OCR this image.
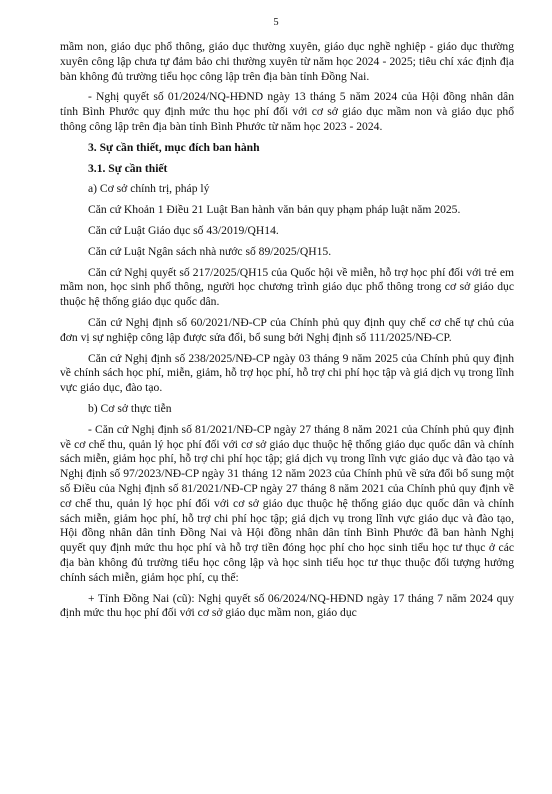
5

mầm non, giáo dục phổ thông, giáo dục thường xuyên, giáo dục nghề nghiệp - giáo dục thường xuyên công lập chưa tự đảm bảo chi thường xuyên từ năm học 2024 - 2025; tiêu chí xác định địa bàn không đủ trường tiểu học công lập trên địa bàn tỉnh Đồng Nai.

- Nghị quyết số 01/2024/NQ-HĐND ngày 13 tháng 5 năm 2024 của Hội đồng nhân dân tỉnh Bình Phước quy định mức thu học phí đối với cơ sở giáo dục mầm non và giáo dục phổ thông công lập trên địa bàn tỉnh Bình Phước từ năm học 2023 - 2024.

3. Sự cần thiết, mục đích ban hành

3.1. Sự cần thiết

a) Cơ sở chính trị, pháp lý

Căn cứ Khoản 1 Điều 21 Luật Ban hành văn bản quy phạm pháp luật năm 2025.

Căn cứ Luật Giáo dục số 43/2019/QH14.

Căn cứ Luật Ngân sách nhà nước số 89/2025/QH15.

Căn cứ Nghị quyết số 217/2025/QH15 của Quốc hội về miễn, hỗ trợ học phí đối với trẻ em mầm non, học sinh phổ thông, người học chương trình giáo dục phổ thông trong cơ sở giáo dục thuộc hệ thống giáo dục quốc dân.

Căn cứ Nghị định số 60/2021/NĐ-CP của Chính phủ quy định quy chế cơ chế tự chủ của đơn vị sự nghiệp công lập được sửa đổi, bổ sung bởi Nghị định số 111/2025/NĐ-CP.

Căn cứ Nghị định số 238/2025/NĐ-CP ngày 03 tháng 9 năm 2025 của Chính phủ quy định về chính sách học phí, miễn, giảm, hỗ trợ học phí, hỗ trợ chi phí học tập và giá dịch vụ trong lĩnh vực giáo dục, đào tạo.

b) Cơ sở thực tiễn

- Căn cứ Nghị định số 81/2021/NĐ-CP ngày 27 tháng 8 năm 2021 của Chính phủ quy định về cơ chế thu, quản lý học phí đối với cơ sở giáo dục thuộc hệ thống giáo dục quốc dân và chính sách miễn, giảm học phí, hỗ trợ chi phí học tập; giá dịch vụ trong lĩnh vực giáo dục và đào tạo và Nghị định số 97/2023/NĐ-CP ngày 31 tháng 12 năm 2023 của Chính phủ về sửa đổi bổ sung một số Điều của Nghị định số 81/2021/NĐ-CP ngày 27 tháng 8 năm 2021 của Chính phủ quy định về cơ chế thu, quản lý học phí đối với cơ sở giáo dục thuộc hệ thống giáo dục quốc dân và chính sách miễn, giảm học phí, hỗ trợ chi phí học tập; giá dịch vụ trong lĩnh vực giáo dục và đào tạo, Hội đồng nhân dân tỉnh Đồng Nai và Hội đồng nhân dân tỉnh Bình Phước đã ban hành Nghị quyết quy định mức thu học phí và hỗ trợ tiền đóng học phí cho học sinh tiểu học tư thục ở các địa bàn không đủ trường tiểu học công lập và học sinh tiểu học tư thục thuộc đối tượng hưởng chính sách miễn, giảm học phí, cụ thể:

+ Tỉnh Đồng Nai (cũ): Nghị quyết số 06/2024/NQ-HĐND ngày 17 tháng 7 năm 2024 quy định mức thu học phí đối với cơ sở giáo dục mầm non, giáo dục
